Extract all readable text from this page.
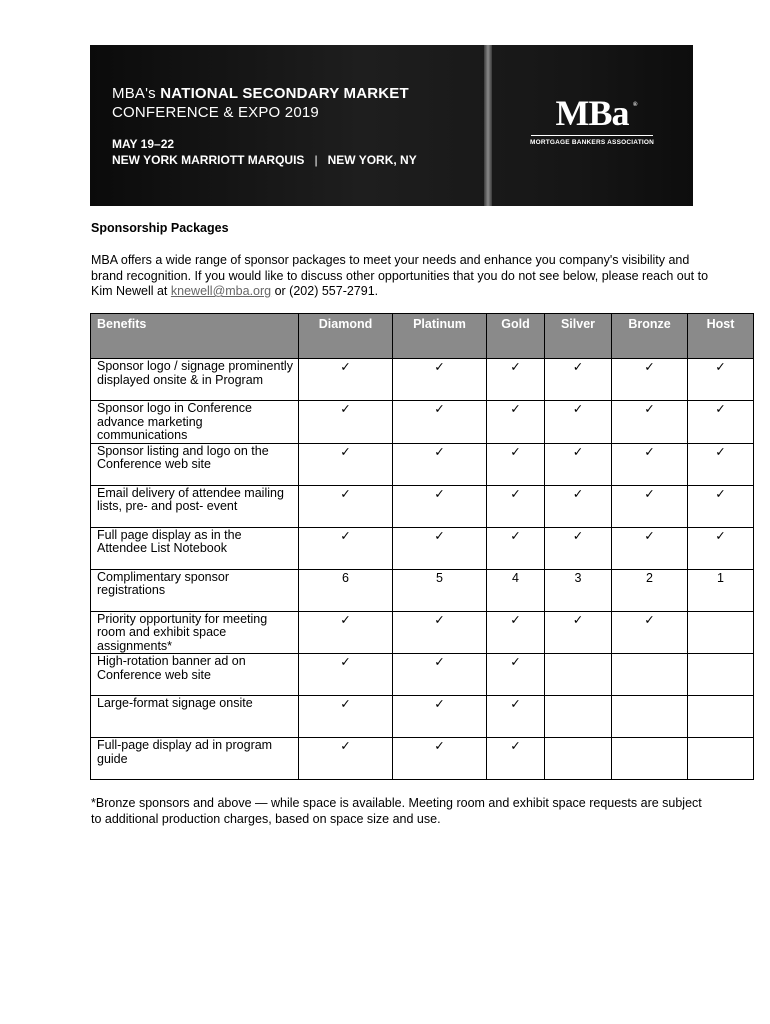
MBA's NATIONAL SECONDARY MARKET
CONFERENCE & EXPO 2019
MAY 19–22
NEW YORK MARRIOTT MARQUIS | NEW YORK, NY
MBa ®
MORTGAGE BANKERS ASSOCIATION
Sponsorship Packages
MBA offers a wide range of sponsor packages to meet your needs and enhance you company's visibility and brand recognition. If you would like to discuss other opportunities that you do not see below, please reach out to Kim Newell at knewell@mba.org or (202) 557-2791.
Benefits	Diamond	Platinum	Gold	Silver	Bronze	Host
Sponsor logo / signage prominently displayed onsite & in Program	✓	✓	✓	✓	✓	✓
Sponsor logo in Conference advance marketing communications	✓	✓	✓	✓	✓	✓
Sponsor listing and logo on the Conference web site	✓	✓	✓	✓	✓	✓
Email delivery of attendee mailing lists, pre- and post- event	✓	✓	✓	✓	✓	✓
Full page display as in the Attendee List Notebook	✓	✓	✓	✓	✓	✓
Complimentary sponsor registrations	6	5	4	3	2	1
Priority opportunity for meeting room and exhibit space assignments*	✓	✓	✓	✓	✓	
High-rotation banner ad on Conference web site	✓	✓	✓			
Large-format signage onsite	✓	✓	✓			
Full-page display ad in program guide	✓	✓	✓			
*Bronze sponsors and above — while space is available. Meeting room and exhibit space requests are subject to additional production charges, based on space size and use.
